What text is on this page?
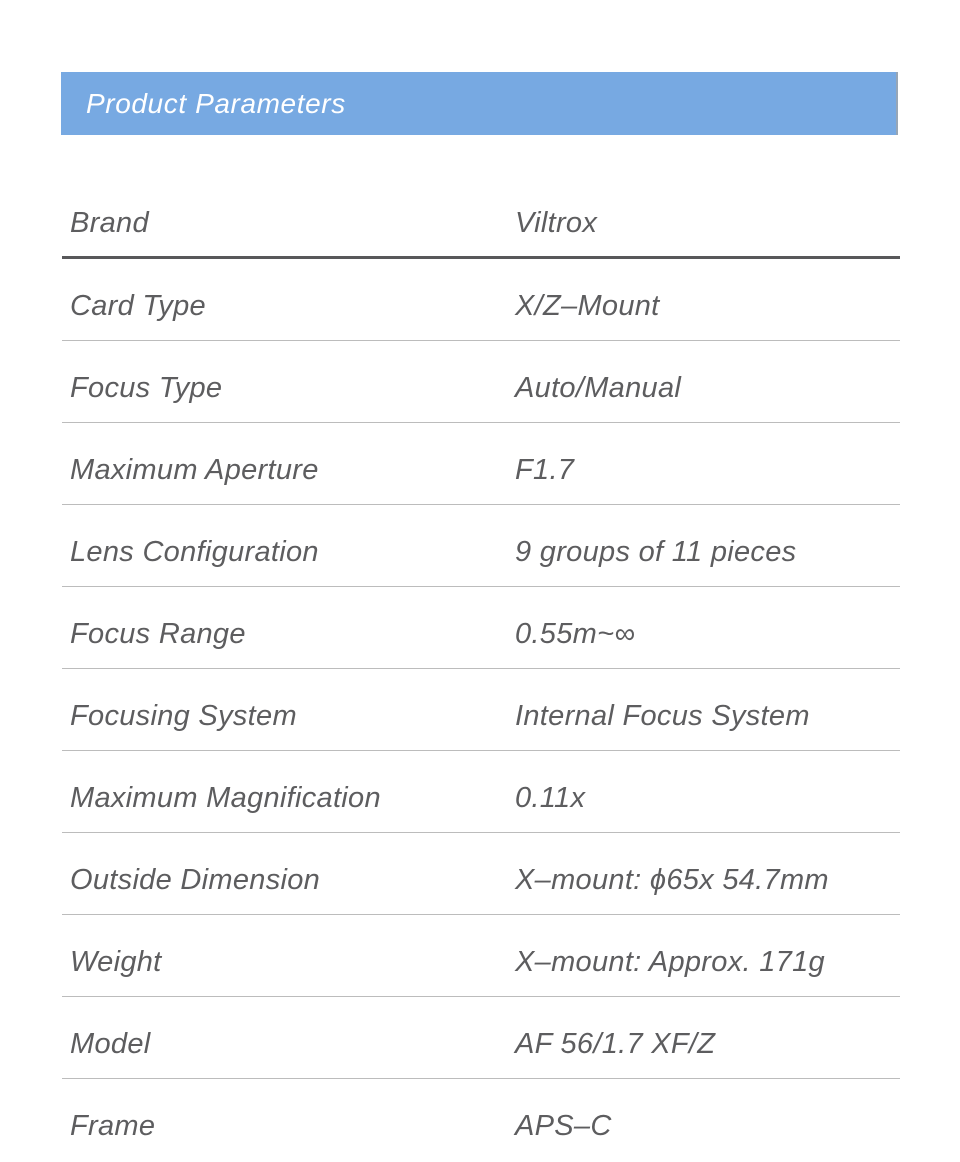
Product Parameters
Brand	Viltrox
Card Type	X/Z–Mount
Focus Type	Auto/Manual
Maximum Aperture	F1.7
Lens Configuration	9 groups of 11 pieces
Focus Range	0.55m~∞
Focusing System	Internal Focus System
Maximum Magnification	0.11x
Outside Dimension	X–mount: ϕ65x 54.7mm
Weight	X–mount: Approx. 171g
Model	AF 56/1.7 XF/Z
Frame	APS–C
